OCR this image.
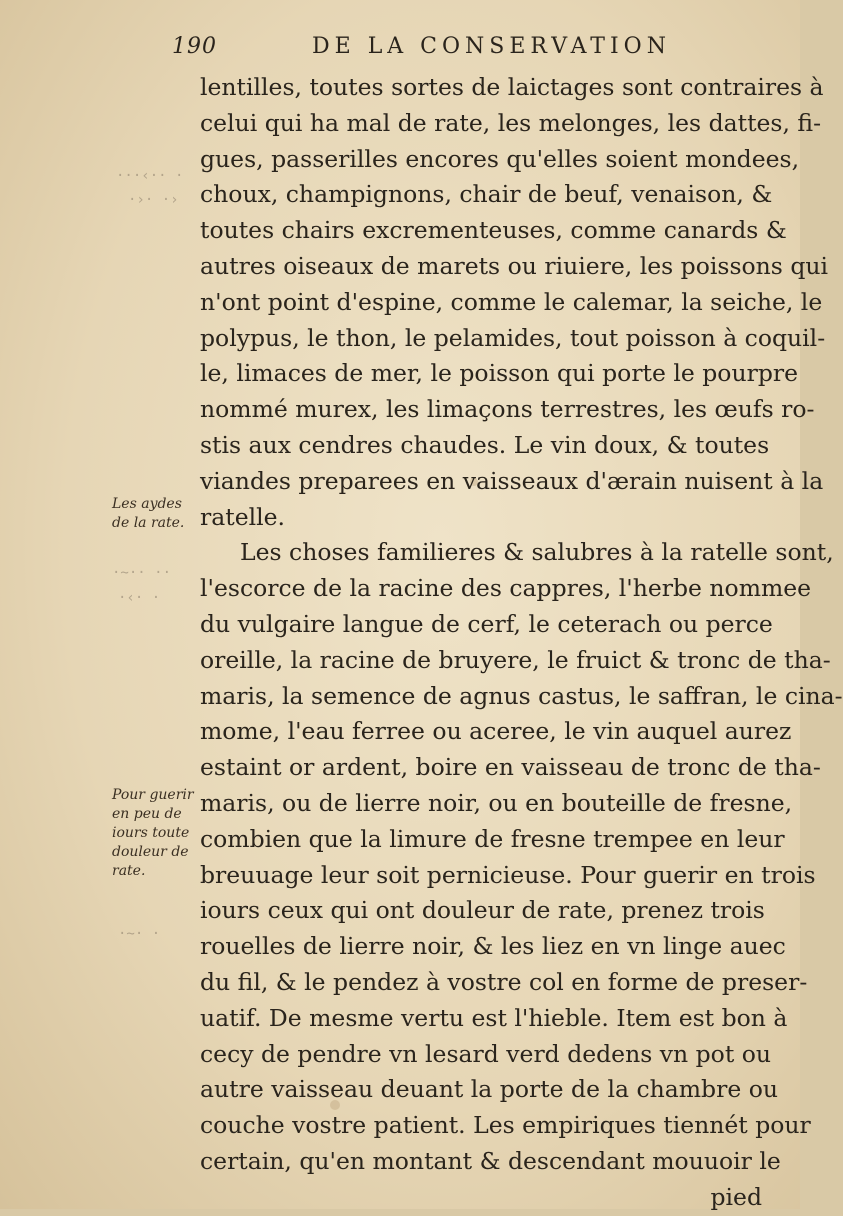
190	DE LA CONSERVATION
···‹·· ·
·›· ·›
·~·· ··
·‹· ·
·~· ·
Les aydes de la rate.
Pour guerir en peu de iours toute douleur de rate.
lentilles, toutes sortes de laictages sont contraires à
celui qui ha mal de rate, les melonges, les dattes, fi-
gues, passerilles encores qu'elles soient mondees,
choux, champignons, chair de beuf, venaison, &
toutes chairs excrementeuses, comme canards &
autres oiseaux de marets ou riuiere, les poissons qui
n'ont point d'espine, comme le calemar, la seiche, le
polypus, le thon, le pelamides, tout poisson à coquil-
le, limaces de mer, le poisson qui porte le pourpre
nommé murex, les limaçons terrestres, les œufs ro-
stis aux cendres chaudes. Le vin doux, & toutes
viandes preparees en vaisseaux d'ærain nuisent à la
ratelle.
Les choses familieres & salubres à la ratelle sont,
l'escorce de la racine des cappres, l'herbe nommee
du vulgaire langue de cerf, le ceterach ou perce
oreille, la racine de bruyere, le fruict & tronc de tha-
maris, la semence de agnus castus, le saffran, le cina-
mome, l'eau ferree ou aceree, le vin auquel aurez
estaint or ardent, boire en vaisseau de tronc de tha-
maris, ou de lierre noir, ou en bouteille de fresne,
combien que la limure de fresne trempee en leur
breuuage leur soit pernicieuse. Pour guerir en trois
iours ceux qui ont douleur de rate, prenez trois
rouelles de lierre noir, & les liez en vn linge auec
du fil, & le pendez à vostre col en forme de preser-
uatif. De mesme vertu est l'hieble. Item est bon à
cecy de pendre vn lesard verd dedens vn pot ou
autre vaisseau deuant la porte de la chambre ou
couche vostre patient. Les empiriques tiennét pour
certain, qu'en montant & descendant mouuoir le
pied
